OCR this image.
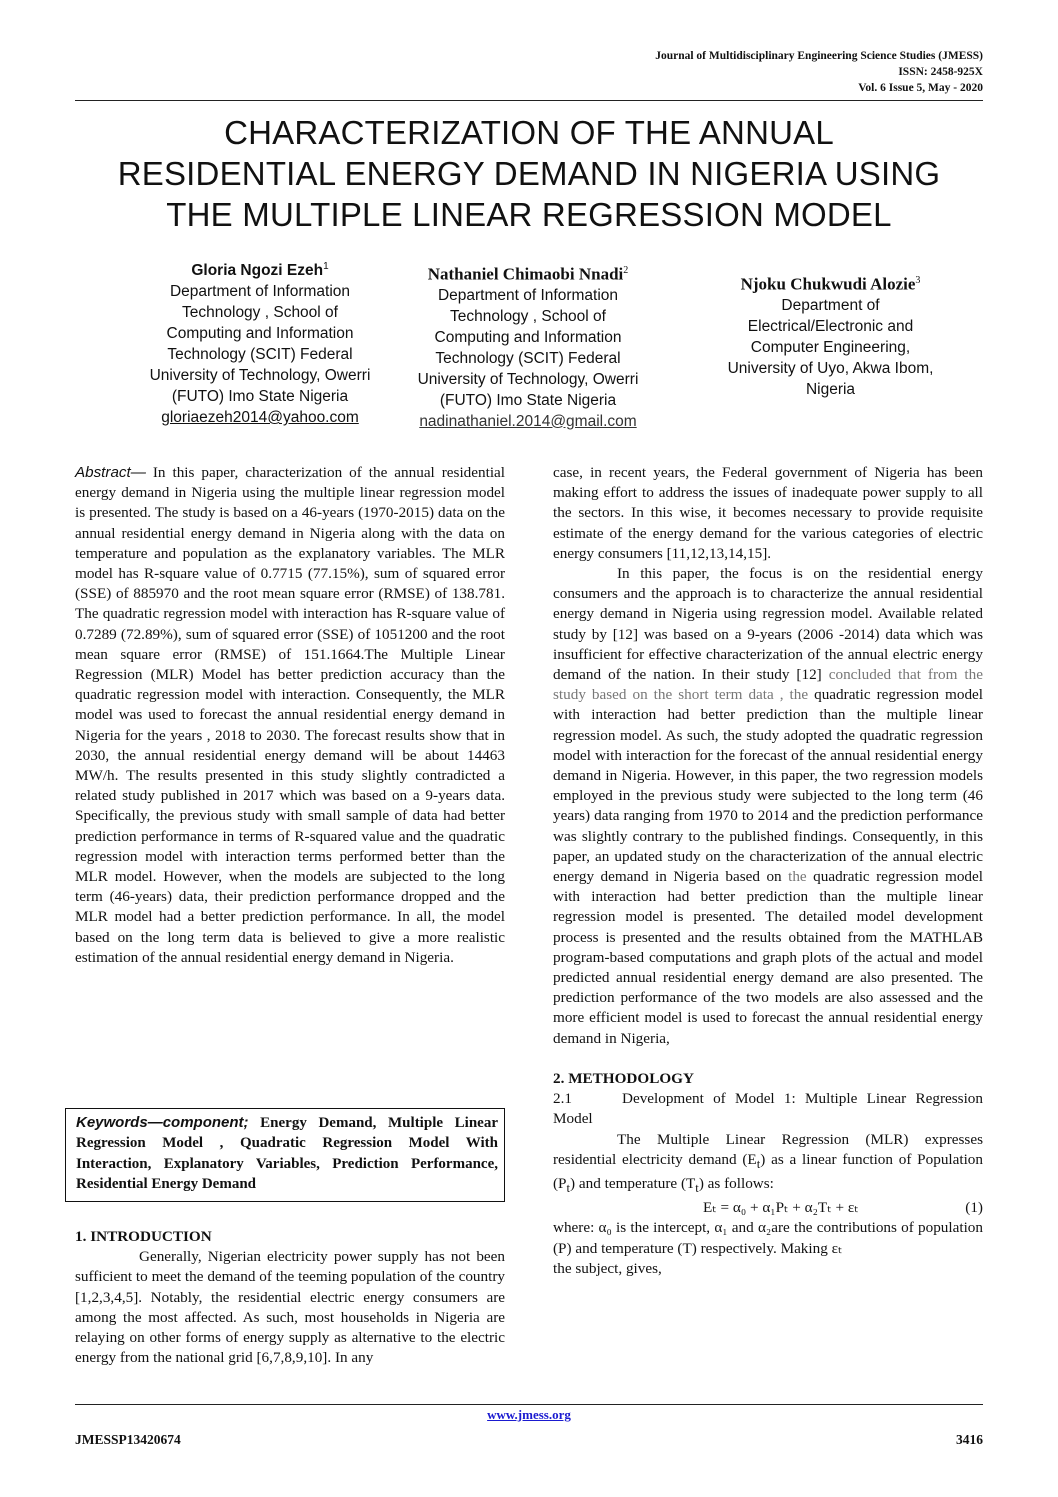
Journal of Multidisciplinary Engineering Science Studies (JMESS)
ISSN: 2458-925X
Vol. 6 Issue 5, May - 2020
CHARACTERIZATION OF THE ANNUAL
RESIDENTIAL ENERGY DEMAND IN NIGERIA USING
THE MULTIPLE LINEAR REGRESSION MODEL
Gloria Ngozi Ezeh$^1$
Department of Information
Technology , School of
Computing and Information
Technology (SCIT) Federal
University of Technology, Owerri
(FUTO) Imo State Nigeria
gloriaezeh2014@yahoo.com
Nathaniel Chimaobi Nnadi$^2$
Department of Information
Technology , School of
Computing and Information
Technology (SCIT) Federal
University of Technology, Owerri
(FUTO) Imo State Nigeria
nadinathaniel.2014@gmail.com
Njoku Chukwudi Alozie$^3$
Department of
Electrical/Electronic and
Computer Engineering,
University of Uyo, Akwa Ibom,
Nigeria

Abstract— In this paper, characterization of the annual residential energy demand in Nigeria using the multiple linear regression model is presented. The study is based on a 46-years (1970-2015) data on the annual residential energy demand in Nigeria along with the data on temperature and population as the explanatory variables. The MLR model has R-square value of 0.7715 (77.15%), sum of squared error (SSE) of 885970 and the root mean square error (RMSE) of 138.781. The quadratic regression model with interaction has R-square value of 0.7289 (72.89%), sum of squared error (SSE) of 1051200 and the root mean square error (RMSE) of 151.1664.The Multiple Linear Regression (MLR) Model has better prediction accuracy than the quadratic regression model with interaction. Consequently, the MLR model was used to forecast the annual residential energy demand in Nigeria for the years , 2018 to 2030. The forecast results show that in 2030, the annual residential energy demand will be about 14463 MW/h. The results presented in this study slightly contradicted a related study published in 2017 which was based on a 9-years data. Specifically, the previous study with small sample of data had better prediction performance in terms of R-squared value and the quadratic regression model with interaction terms performed better than the MLR model. However, when the models are subjected to the long term (46-years) data, their prediction performance dropped and the MLR model had a better prediction performance. In all, the model based on the long term data is believed to give a more realistic estimation of the annual residential energy demand in Nigeria.

Keywords—component; Energy Demand, Multiple Linear Regression Model , Quadratic Regression Model With Interaction, Explanatory Variables, Prediction Performance, Residential Energy Demand
1. INTRODUCTION

Generally, Nigerian electricity power supply has not been sufficient to meet the demand of the teeming population of the country [1,2,3,4,5]. Notably, the residential electric energy consumers are among the most affected. As such, most households in Nigeria are relaying on other forms of energy supply as alternative to the electric energy from the national grid [6,7,8,9,10]. In any

case, in recent years, the Federal government of Nigeria has been making effort to address the issues of inadequate power supply to all the sectors. In this wise, it becomes necessary to provide requisite estimate of the energy demand for the various categories of electric energy consumers [11,12,13,14,15].

In this paper, the focus is on the residential energy consumers and the approach is to characterize the annual residential energy demand in Nigeria using regression model. Available related study by [12] was based on a 9-years (2006 -2014) data which was insufficient for effective characterization of the annual electric energy demand of the nation. In their study [12] concluded that from the study based on the short term data , the quadratic regression model with interaction had better prediction than the multiple linear regression model. As such, the study adopted the quadratic regression model with interaction for the forecast of the annual residential energy demand in Nigeria. However, in this paper, the two regression models employed in the previous study were subjected to the long term (46 years) data ranging from 1970 to 2014 and the prediction performance was slightly contrary to the published findings. Consequently, in this paper, an updated study on the characterization of the annual electric energy demand in Nigeria based on the quadratic regression model with interaction had better prediction than the multiple linear regression model is presented. The detailed model development process is presented and the results obtained from the MATHLAB program-based computations and graph plots of the actual and model predicted annual residential energy demand are also presented. The prediction performance of the two models are also assessed and the more efficient model is used to forecast the annual residential energy demand in Nigeria,

2. METHODOLOGY
2.1	Development of Model 1: Multiple Linear Regression Model

The Multiple Linear Regression (MLR) expresses residential electricity demand $(E_t)$ as a linear function of Population $(P_t)$ and temperature $(T_t)$ as follows:

Eₜ = α₀ + α₁Pₜ + α₂Tₜ + εₜ	(1)

where: α₀ is the intercept, α₁ and α₂are the contributions of population (P) and temperature (T) respectively. Making εₜ

the subject, gives,

www.jmess.org
JMESSP13420674	3416
